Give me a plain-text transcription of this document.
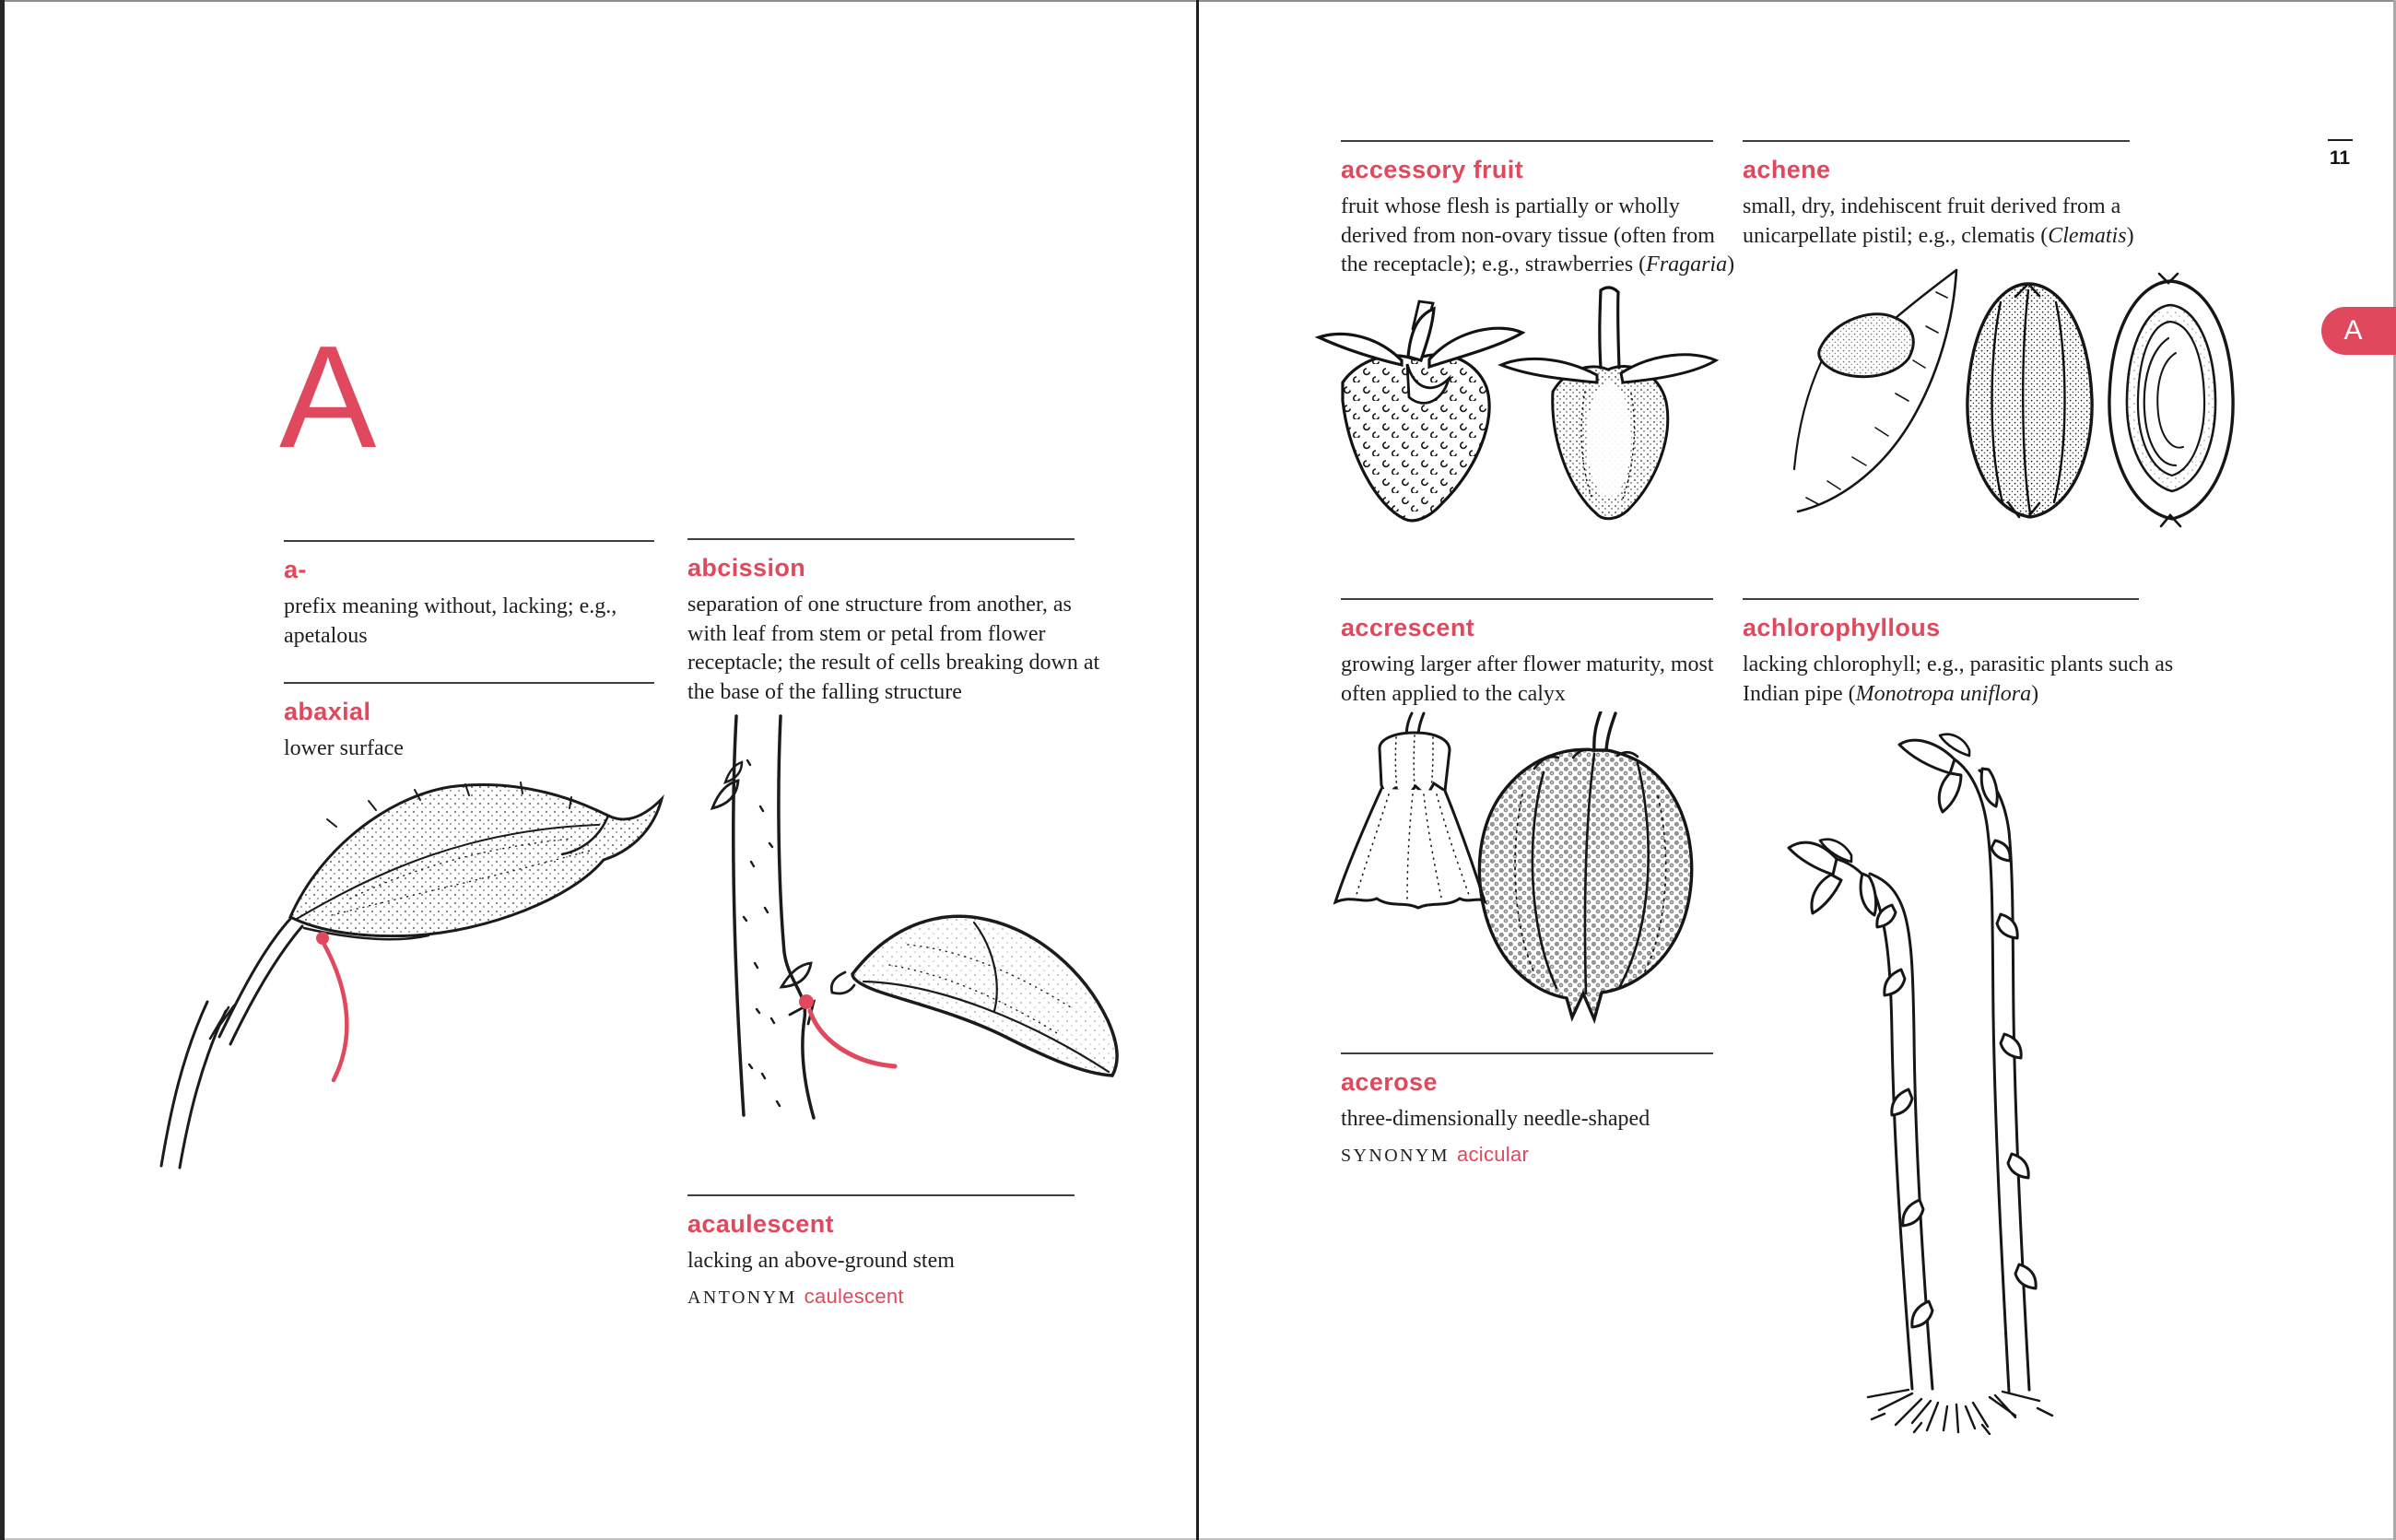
A
a-
prefix meaning without, lacking; e.g., apetalous
abaxial
lower surface
abcission
separation of one structure from another, as with leaf from stem or petal from flower receptacle; the result of cells breaking down at the base of the falling structure
acaulescent
lacking an above-ground stem
ANTONYM caulescent
accessory fruit
fruit whose flesh is partially or wholly derived from non-ovary tissue (often from the receptacle); e.g., strawberries (Fragaria)
achene
small, dry, indehiscent fruit derived from a unicarpellate pistil; e.g., clematis (Clematis)
accrescent
growing larger after flower maturity, most often applied to the calyx
achlorophyllous
lacking chlorophyll; e.g., parasitic plants such as Indian pipe (Monotropa uniflora)
acerose
three-dimensionally needle-shaped
SYNONYM acicular
11
A
